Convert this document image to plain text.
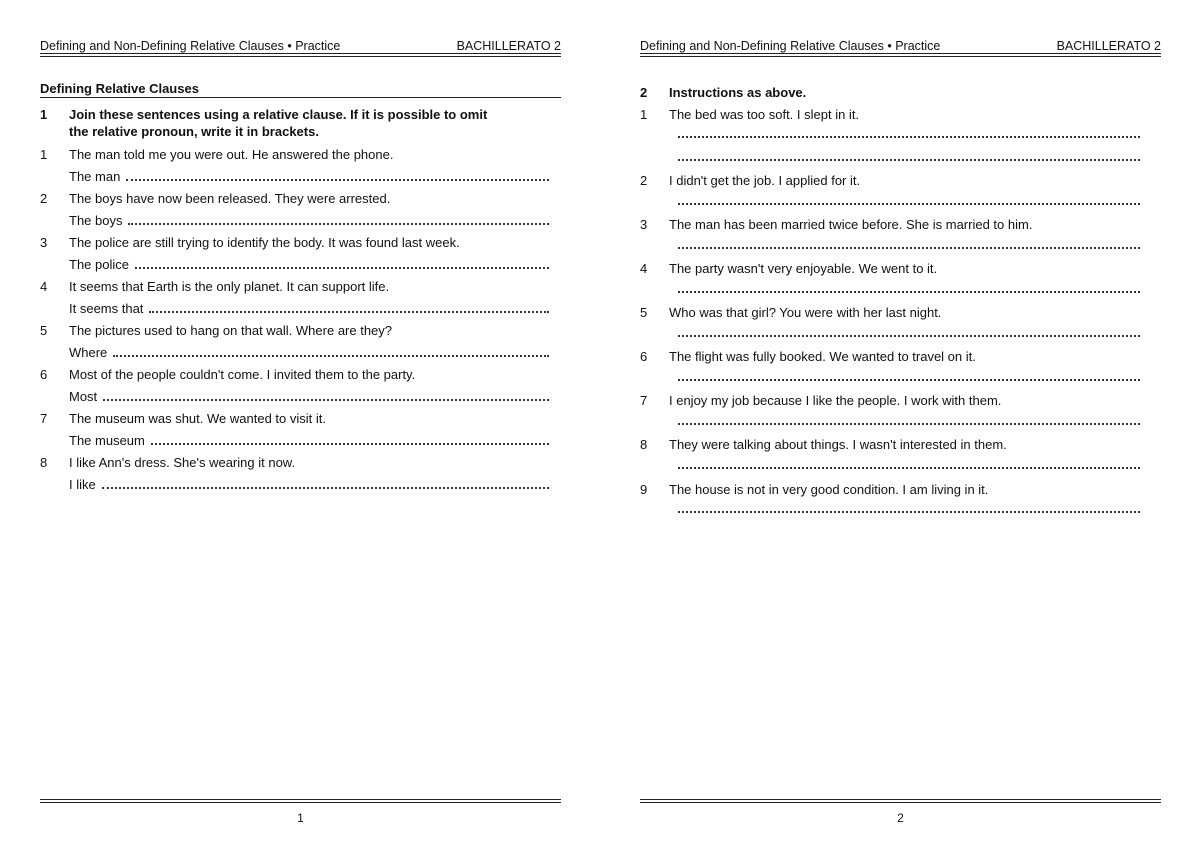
Defining and Non-Defining Relative Clauses • Practice	BACHILLERATO 2
Defining Relative Clauses
1	Join these sentences using a relative clause. If it is possible to omit the relative pronoun, write it in brackets.
1	The man told me you were out. He answered the phone.
The man
2	The boys have now been released. They were arrested.
The boys
3	The police are still trying to identify the body. It was found last week.
The police
4	It seems that Earth is the only planet. It can support life.
It seems that
5	The pictures used to hang on that wall. Where are they?
Where
6	Most of the people couldn't come. I invited them to the party.
Most
7	The museum was shut. We wanted to visit it.
The museum
8	I like Ann's dress. She's wearing it now.
I like
1
Defining and Non-Defining Relative Clauses • Practice	BACHILLERATO 2
2	Instructions as above.
1	The bed was too soft. I slept in it.
2	I didn't get the job. I applied for it.
3	The man has been married twice before. She is married to him.
4	The party wasn't very enjoyable. We went to it.
5	Who was that girl? You were with her last night.
6	The flight was fully booked. We wanted to travel on it.
7	I enjoy my job because I like the people. I work with them.
8	They were talking about things. I wasn't interested in them.
9	The house is not in very good condition. I am living in it.
2
